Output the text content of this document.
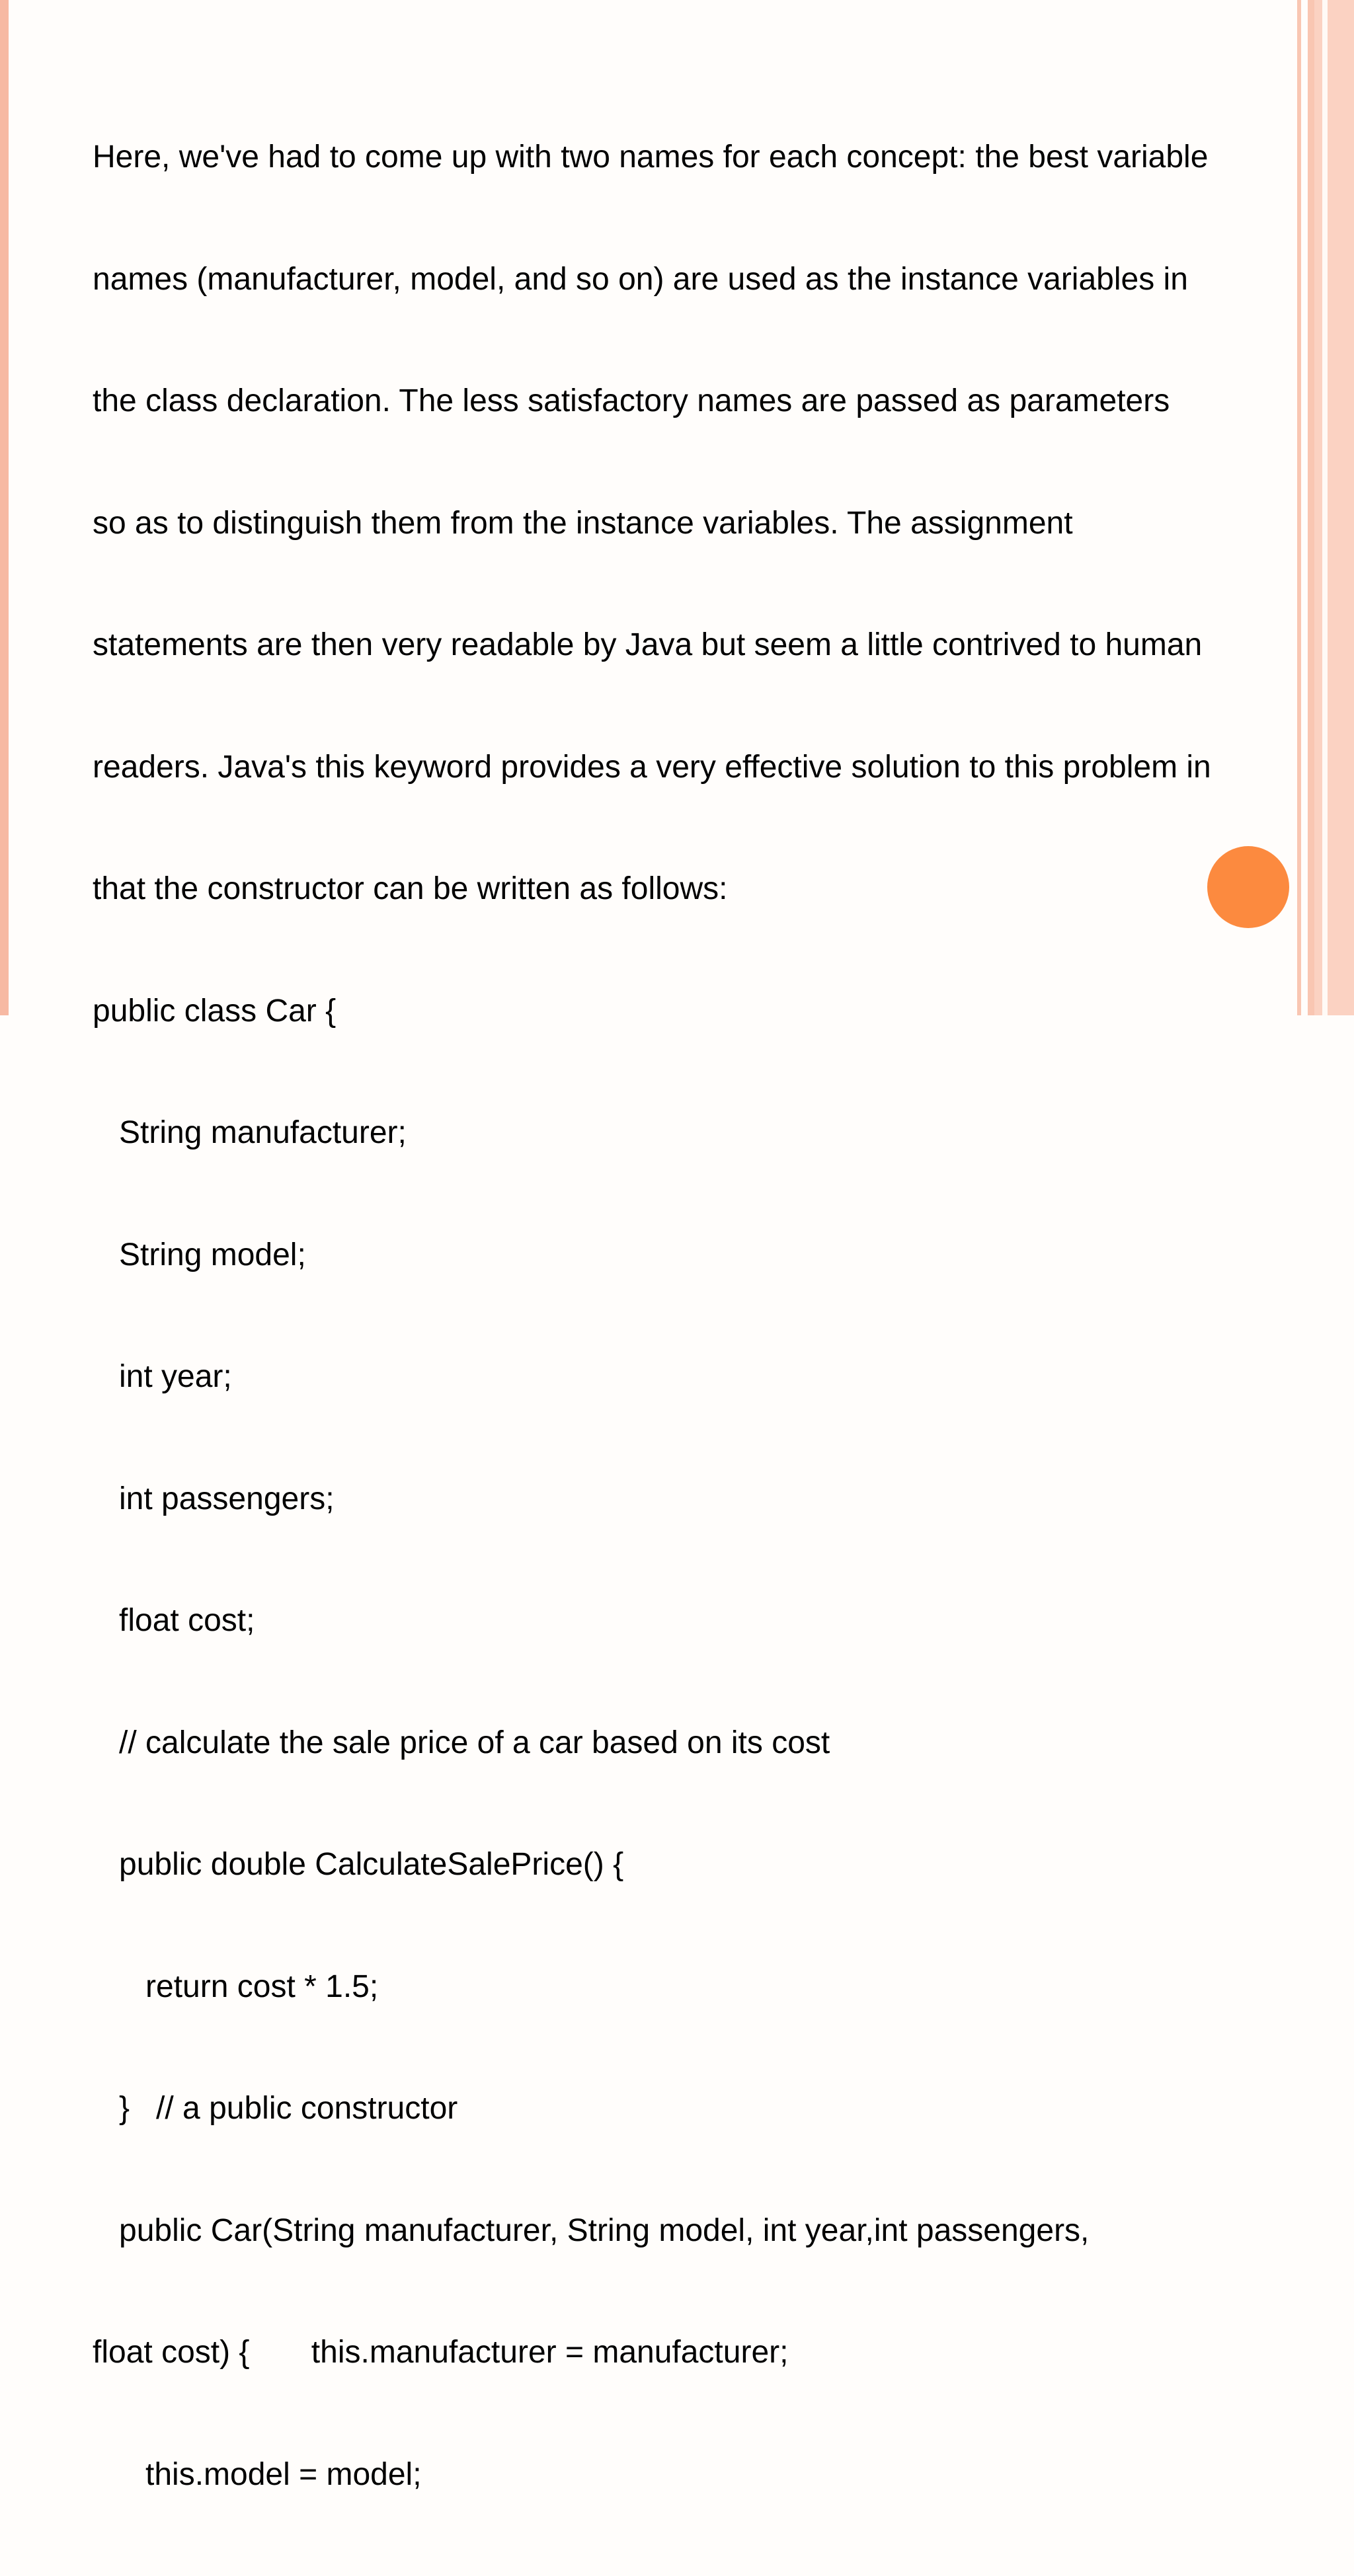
Here, we've had to come up with two names for each concept: the best variable

names (manufacturer, model, and so on) are used as the instance variables in

the class declaration. The less satisfactory names are passed as parameters

so as to distinguish them from the instance variables. The assignment

statements are then very readable by Java but seem a little contrived to human

readers. Java's this keyword provides a very effective solution to this problem in

that the constructor can be written as follows:

public class Car {

String manufacturer;

String model;

int year;

int passengers;

float cost;

// calculate the sale price of a car based on its cost

public double CalculateSalePrice() {

return cost * 1.5;

}   // a public constructor

public Car(String manufacturer, String model, int year,int passengers,

float cost) {       this.manufacturer = manufacturer;

this.model = model;
